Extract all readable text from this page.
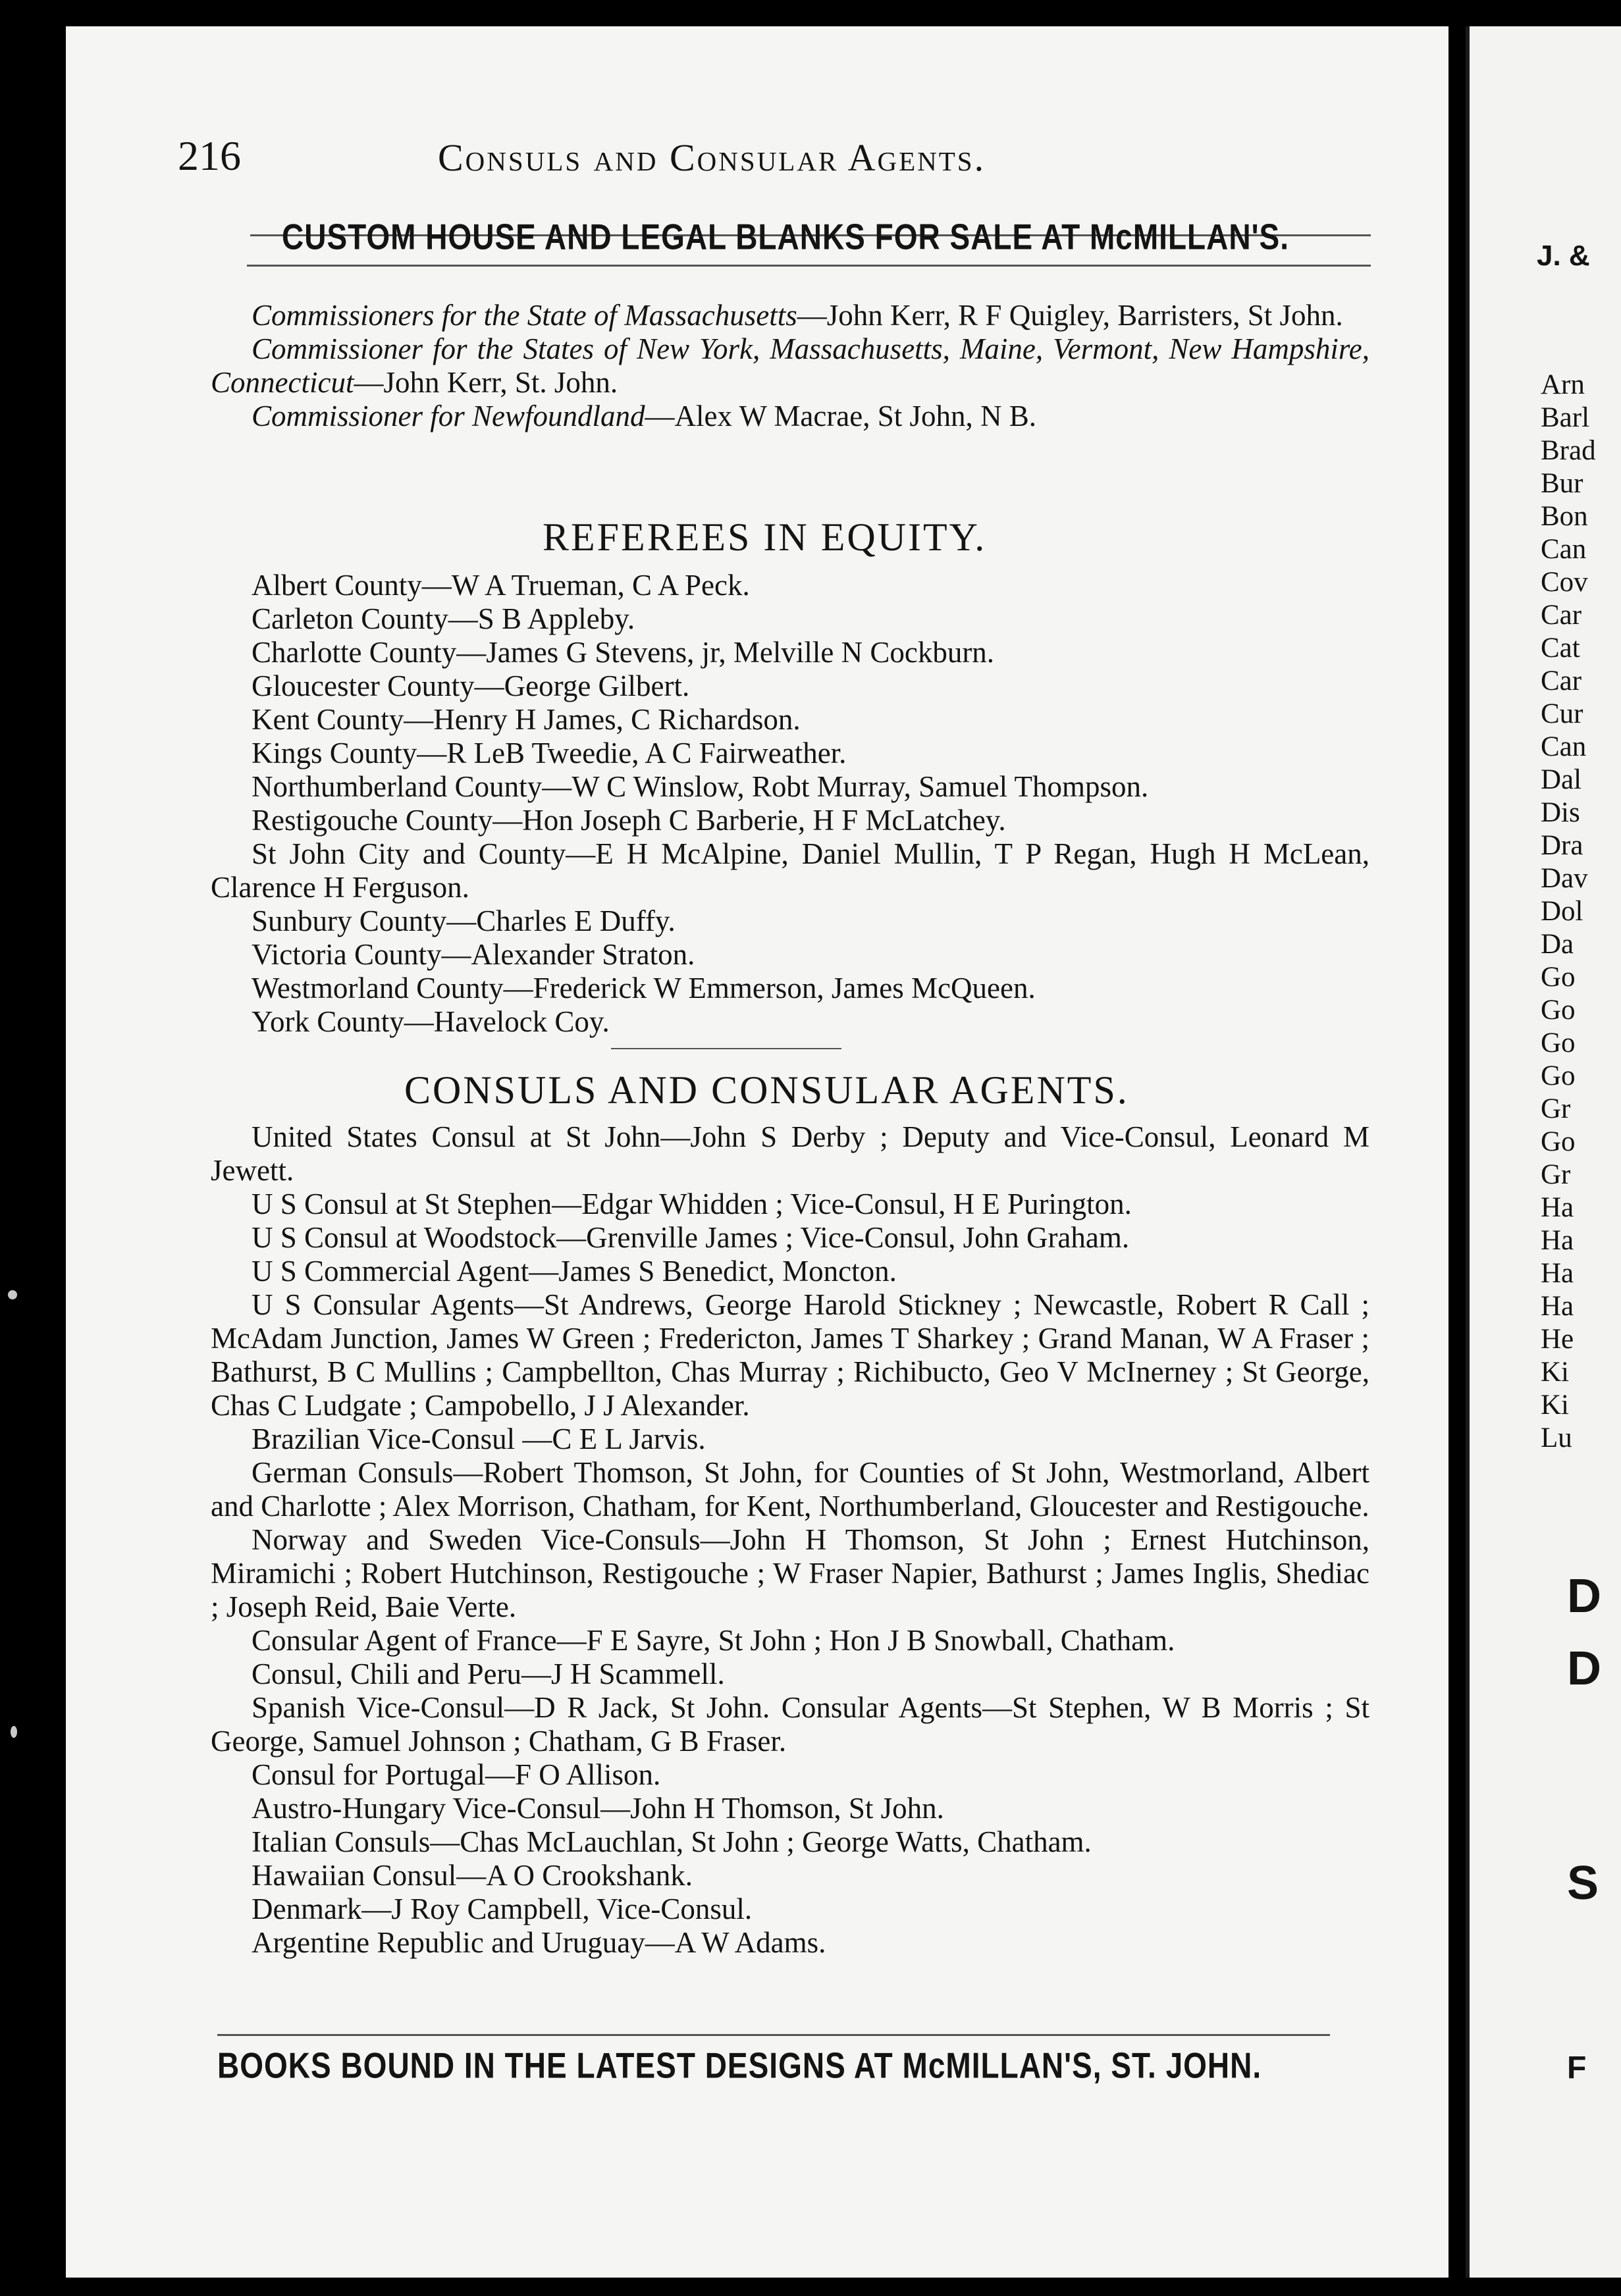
216	Consuls and Consular Agents.
CUSTOM HOUSE AND LEGAL BLANKS FOR SALE AT McMILLAN'S.

Commissioners for the State of Massachusetts—John Kerr, R F Quigley, Barristers, St John.

Commissioner for the States of New York, Massachusetts, Maine, Vermont, New Hampshire, Connecticut—John Kerr, St. John.

Commissioner for Newfoundland—Alex W Macrae, St John, N B.

REFEREES IN EQUITY.

Albert County—W A Trueman, C A Peck.

Carleton County—S B Appleby.

Charlotte County—James G Stevens, jr, Melville N Cockburn.

Gloucester County—George Gilbert.

Kent County—Henry H James, C Richardson.

Kings County—R LeB Tweedie, A C Fairweather.

Northumberland County—W C Winslow, Robt Murray, Samuel Thompson.

Restigouche County—Hon Joseph C Barberie, H F McLatchey.

St John City and County—E H McAlpine, Daniel Mullin, T P Regan, Hugh H McLean, Clarence H Ferguson.

Sunbury County—Charles E Duffy.

Victoria County—Alexander Straton.

Westmorland County—Frederick W Emmerson, James McQueen.

York County—Havelock Coy.

CONSULS AND CONSULAR AGENTS.

United States Consul at St John—John S Derby ; Deputy and Vice-Consul, Leonard M Jewett.

U S Consul at St Stephen—Edgar Whidden ; Vice-Consul, H E Purington.

U S Consul at Woodstock—Grenville James ; Vice-Consul, John Graham.

U S Commercial Agent—James S Benedict, Moncton.

U S Consular Agents—St Andrews, George Harold Stickney ; Newcastle, Robert R Call ; McAdam Junction, James W Green ; Fredericton, James T Sharkey ; Grand Manan, W A Fraser ; Bathurst, B C Mullins ; Campbellton, Chas Murray ; Richibucto, Geo V McInerney ; St George, Chas C Ludgate ; Campobello, J J Alexander.

Brazilian Vice-Consul —C E L Jarvis.

German Consuls—Robert Thomson, St John, for Counties of St John, Westmorland, Albert and Charlotte ; Alex Morrison, Chatham, for Kent, Northumberland, Gloucester and Restigouche.

Norway and Sweden Vice-Consuls—John H Thomson, St John ; Ernest Hutchinson, Miramichi ; Robert Hutchinson, Restigouche ; W Fraser Napier, Bathurst ; James Inglis, Shediac ; Joseph Reid, Baie Verte.

Consular Agent of France—F E Sayre, St John ; Hon J B Snowball, Chatham.

Consul, Chili and Peru—J H Scammell.

Spanish Vice-Consul—D R Jack, St John. Consular Agents—St Stephen, W B Morris ; St George, Samuel Johnson ; Chatham, G B Fraser.

Consul for Portugal—F O Allison.

Austro-Hungary Vice-Consul—John H Thomson, St John.

Italian Consuls—Chas McLauchlan, St John ; George Watts, Chatham.

Hawaiian Consul—A O Crookshank.

Denmark—J Roy Campbell, Vice-Consul.

Argentine Republic and Uruguay—A W Adams.

BOOKS BOUND IN THE LATEST DESIGNS AT McMILLAN'S, ST. JOHN.
J. &
Arn
Barl
Brad
Bur
Bon
Can
Cov
Car
Cat
Car
Cur
Can
Dal
Dis
Dra
Dav
Dol
Da
Go
Go
Go
Go
Gr
Go
Gr
Ha
Ha
Ha
Ha
He
Ki
Ki
Lu
D
D
S
F
